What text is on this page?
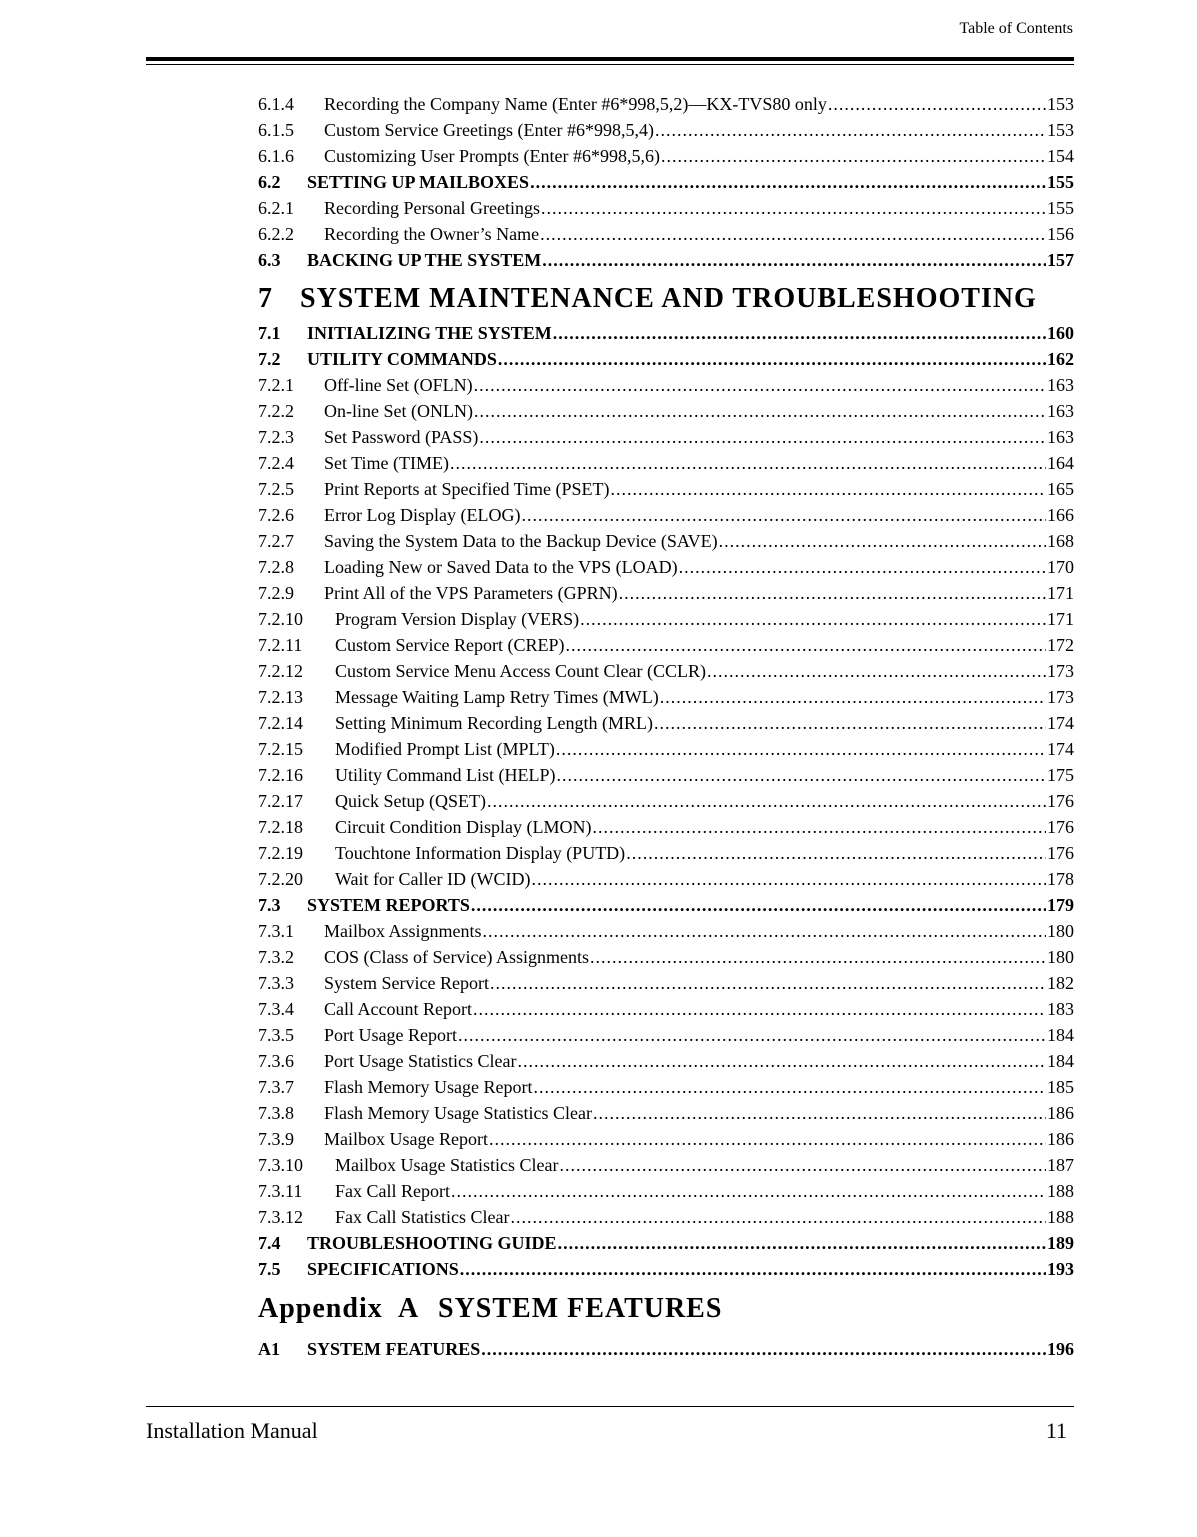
Table of Contents
6.1.4	Recording the Company Name (Enter #6*998,5,2)—KX-TVS80 only .....	153
6.1.5	Custom Service Greetings (Enter #6*998,5,4) .....	153
6.1.6	Customizing User Prompts (Enter #6*998,5,6) .....	154
6.2	SETTING UP MAILBOXES .....	155
6.2.1	Recording Personal Greetings .....	155
6.2.2	Recording the Owner’s Name .....	156
6.3	BACKING UP THE SYSTEM .....	157
7 SYSTEM MAINTENANCE AND TROUBLESHOOTING
7.1	INITIALIZING THE SYSTEM .....	160
7.2	UTILITY COMMANDS .....	162
7.2.1	Off-line Set (OFLN) .....	163
7.2.2	On-line Set (ONLN) .....	163
7.2.3	Set Password (PASS) .....	163
7.2.4	Set Time (TIME) .....	164
7.2.5	Print Reports at Specified Time (PSET) .....	165
7.2.6	Error Log Display (ELOG) .....	166
7.2.7	Saving the System Data to the Backup Device (SAVE) .....	168
7.2.8	Loading New or Saved Data to the VPS (LOAD) .....	170
7.2.9	Print All of the VPS Parameters (GPRN) .....	171
7.2.10	Program Version Display (VERS) .....	171
7.2.11	Custom Service Report (CREP) .....	172
7.2.12	Custom Service Menu Access Count Clear (CCLR) .....	173
7.2.13	Message Waiting Lamp Retry Times (MWL) .....	173
7.2.14	Setting Minimum Recording Length (MRL) .....	174
7.2.15	Modified Prompt List (MPLT) .....	174
7.2.16	Utility Command List (HELP) .....	175
7.2.17	Quick Setup (QSET) .....	176
7.2.18	Circuit Condition Display (LMON) .....	176
7.2.19	Touchtone Information Display (PUTD) .....	176
7.2.20	Wait for Caller ID (WCID) .....	178
7.3	SYSTEM REPORTS .....	179
7.3.1	Mailbox Assignments .....	180
7.3.2	COS (Class of Service) Assignments .....	180
7.3.3	System Service Report .....	182
7.3.4	Call Account Report .....	183
7.3.5	Port Usage Report .....	184
7.3.6	Port Usage Statistics Clear .....	184
7.3.7	Flash Memory Usage Report .....	185
7.3.8	Flash Memory Usage Statistics Clear .....	186
7.3.9	Mailbox Usage Report .....	186
7.3.10	Mailbox Usage Statistics Clear .....	187
7.3.11	Fax Call Report .....	188
7.3.12	Fax Call Statistics Clear .....	188
7.4	TROUBLESHOOTING GUIDE .....	189
7.5	SPECIFICATIONS .....	193
Appendix A SYSTEM FEATURES
A1	SYSTEM FEATURES .....	196
Installation Manual	11
